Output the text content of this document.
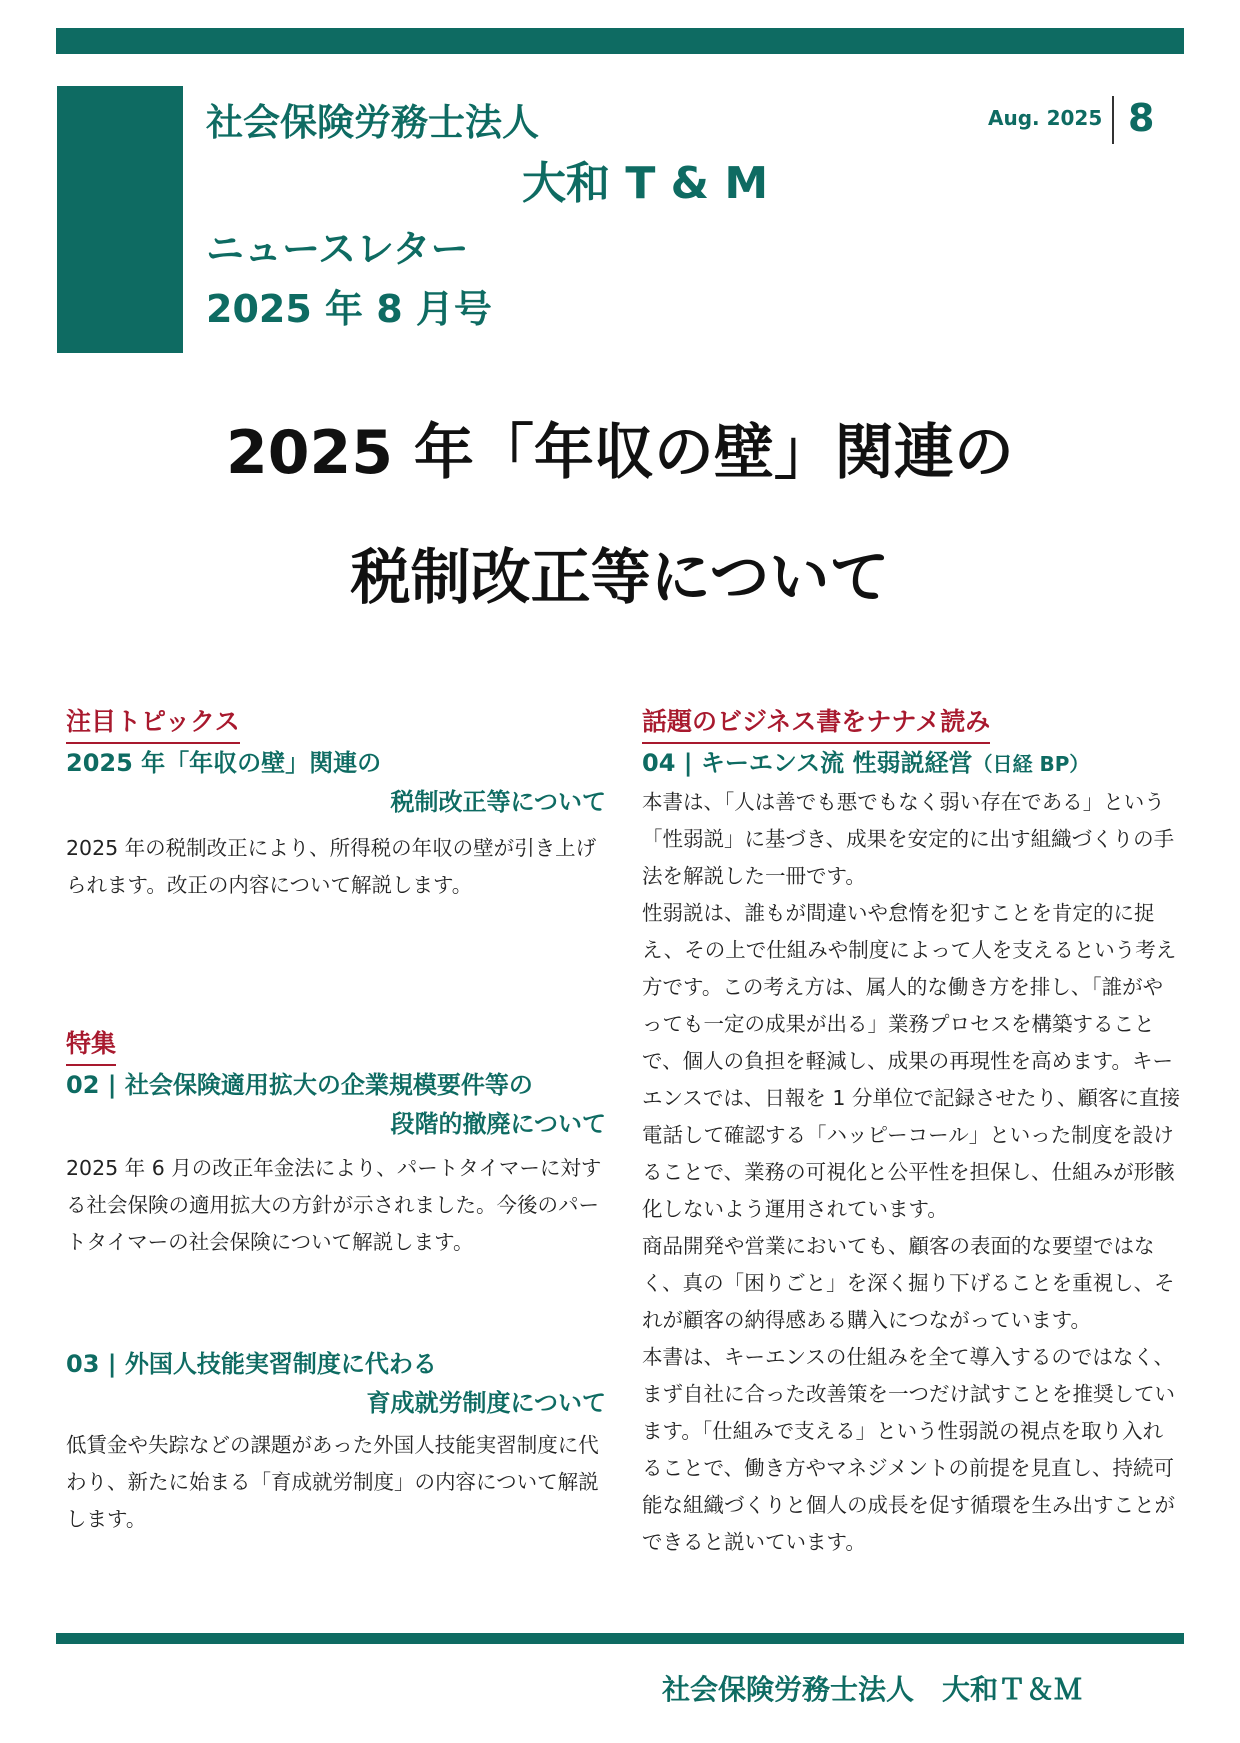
社会保険労務士法人
大和 T & M
ニュースレター
2025 年 8 月号
Aug. 2025 8
2025 年「年収の壁」関連の
税制改正等について
注目トピックス
2025 年「年収の壁」関連の
税制改正等について

2025 年の税制改正により、所得税の年収の壁が引き上げられます。改正の内容について解説します。

特集
02 | 社会保険適用拡大の企業規模要件等の
段階的撤廃について

2025 年 6 月の改正年金法により、パートタイマーに対する社会保険の適用拡大の方針が示されました。今後のパートタイマーの社会保険について解説します。

03 | 外国人技能実習制度に代わる
育成就労制度について

低賃金や失踪などの課題があった外国人技能実習制度に代わり、新たに始まる「育成就労制度」の内容について解説します。

話題のビジネス書をナナメ読み
04 | キーエンス流 性弱説経営（日経 BP）

本書は、「人は善でも悪でもなく弱い存在である」という「性弱説」に基づき、成果を安定的に出す組織づくりの手法を解説した一冊です。

性弱説は、誰もが間違いや怠惰を犯すことを肯定的に捉え、その上で仕組みや制度によって人を支えるという考え方です。この考え方は、属人的な働き方を排し、「誰がやっても一定の成果が出る」業務プロセスを構築することで、個人の負担を軽減し、成果の再現性を高めます。キーエンスでは、日報を 1 分単位で記録させたり、顧客に直接電話して確認する「ハッピーコール」といった制度を設けることで、業務の可視化と公平性を担保し、仕組みが形骸化しないよう運用されています。

商品開発や営業においても、顧客の表面的な要望ではなく、真の「困りごと」を深く掘り下げることを重視し、それが顧客の納得感ある購入につながっています。

本書は、キーエンスの仕組みを全て導入するのではなく、まず自社に合った改善策を一つだけ試すことを推奨しています。「仕組みで支える」という性弱説の視点を取り入れることで、働き方やマネジメントの前提を見直し、持続可能な組織づくりと個人の成長を促す循環を生み出すことができると説いています。

社会保険労務士法人　大和Ｔ＆Ｍ
